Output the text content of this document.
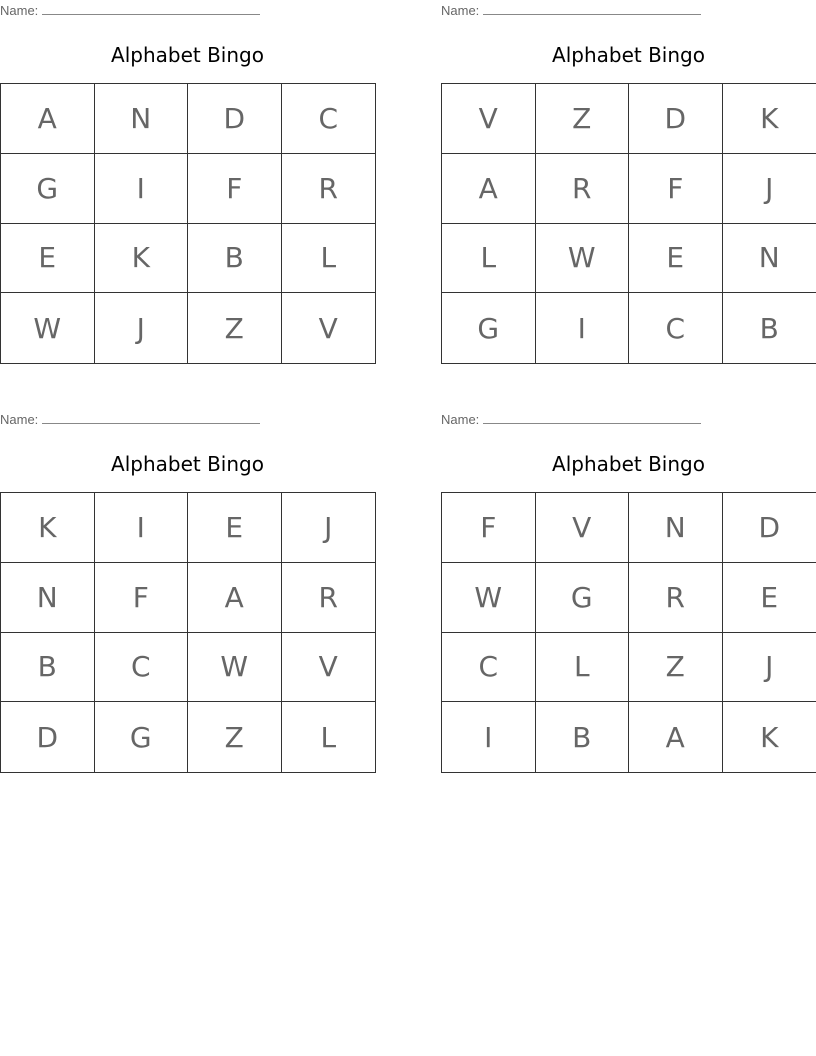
Name:
Alphabet Bingo
A	N	D	C
G	I	F	R
E	K	B	L
W	J	Z	V
Name:
Alphabet Bingo
V	Z	D	K
A	R	F	J
L	W	E	N
G	I	C	B
Name:
Alphabet Bingo
K	I	E	J
N	F	A	R
B	C	W	V
D	G	Z	L
Name:
Alphabet Bingo
F	V	N	D
W	G	R	E
C	L	Z	J
I	B	A	K
